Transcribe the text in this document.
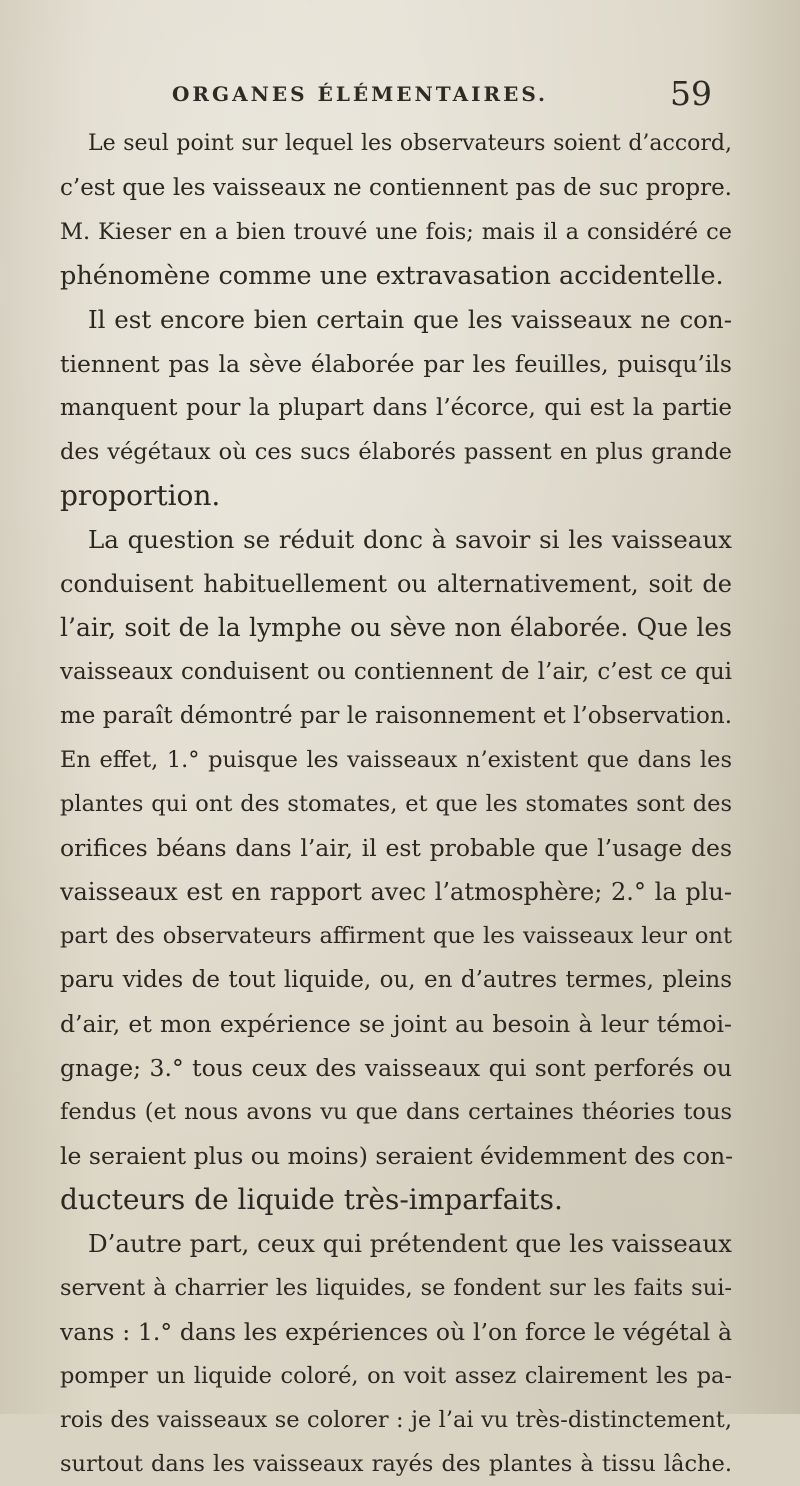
ORGANES ÉLÉMENTAIRES.	59
Le seul point sur lequel les observateurs soient d’accord,
c’est que les vaisseaux ne contiennent pas de suc propre.
M. Kieser en a bien trouvé une fois; mais il a considéré ce
phénomène comme une extravasation accidentelle.
Il est encore bien certain que les vaisseaux ne con-
tiennent pas la sève élaborée par les feuilles, puisqu’ils
manquent pour la plupart dans l’écorce, qui est la partie
des végétaux où ces sucs élaborés passent en plus grande
proportion.
La question se réduit donc à savoir si les vaisseaux
conduisent habituellement ou alternativement, soit de
l’air, soit de la lymphe ou sève non élaborée. Que les
vaisseaux conduisent ou contiennent de l’air, c’est ce qui
me paraît démontré par le raisonnement et l’observation.
En effet, 1.° puisque les vaisseaux n’existent que dans les
plantes qui ont des stomates, et que les stomates sont des
orifices béans dans l’air, il est probable que l’usage des
vaisseaux est en rapport avec l’atmosphère; 2.° la plu-
part des observateurs affirment que les vaisseaux leur ont
paru vides de tout liquide, ou, en d’autres termes, pleins
d’air, et mon expérience se joint au besoin à leur témoi-
gnage; 3.° tous ceux des vaisseaux qui sont perforés ou
fendus (et nous avons vu que dans certaines théories tous
le seraient plus ou moins) seraient évidemment des con-
ducteurs de liquide très-imparfaits.
D’autre part, ceux qui prétendent que les vaisseaux
servent à charrier les liquides, se fondent sur les faits sui-
vans : 1.° dans les expériences où l’on force le végétal à
pomper un liquide coloré, on voit assez clairement les pa-
rois des vaisseaux se colorer : je l’ai vu très-distinctement,
surtout dans les vaisseaux rayés des plantes à tissu lâche.
